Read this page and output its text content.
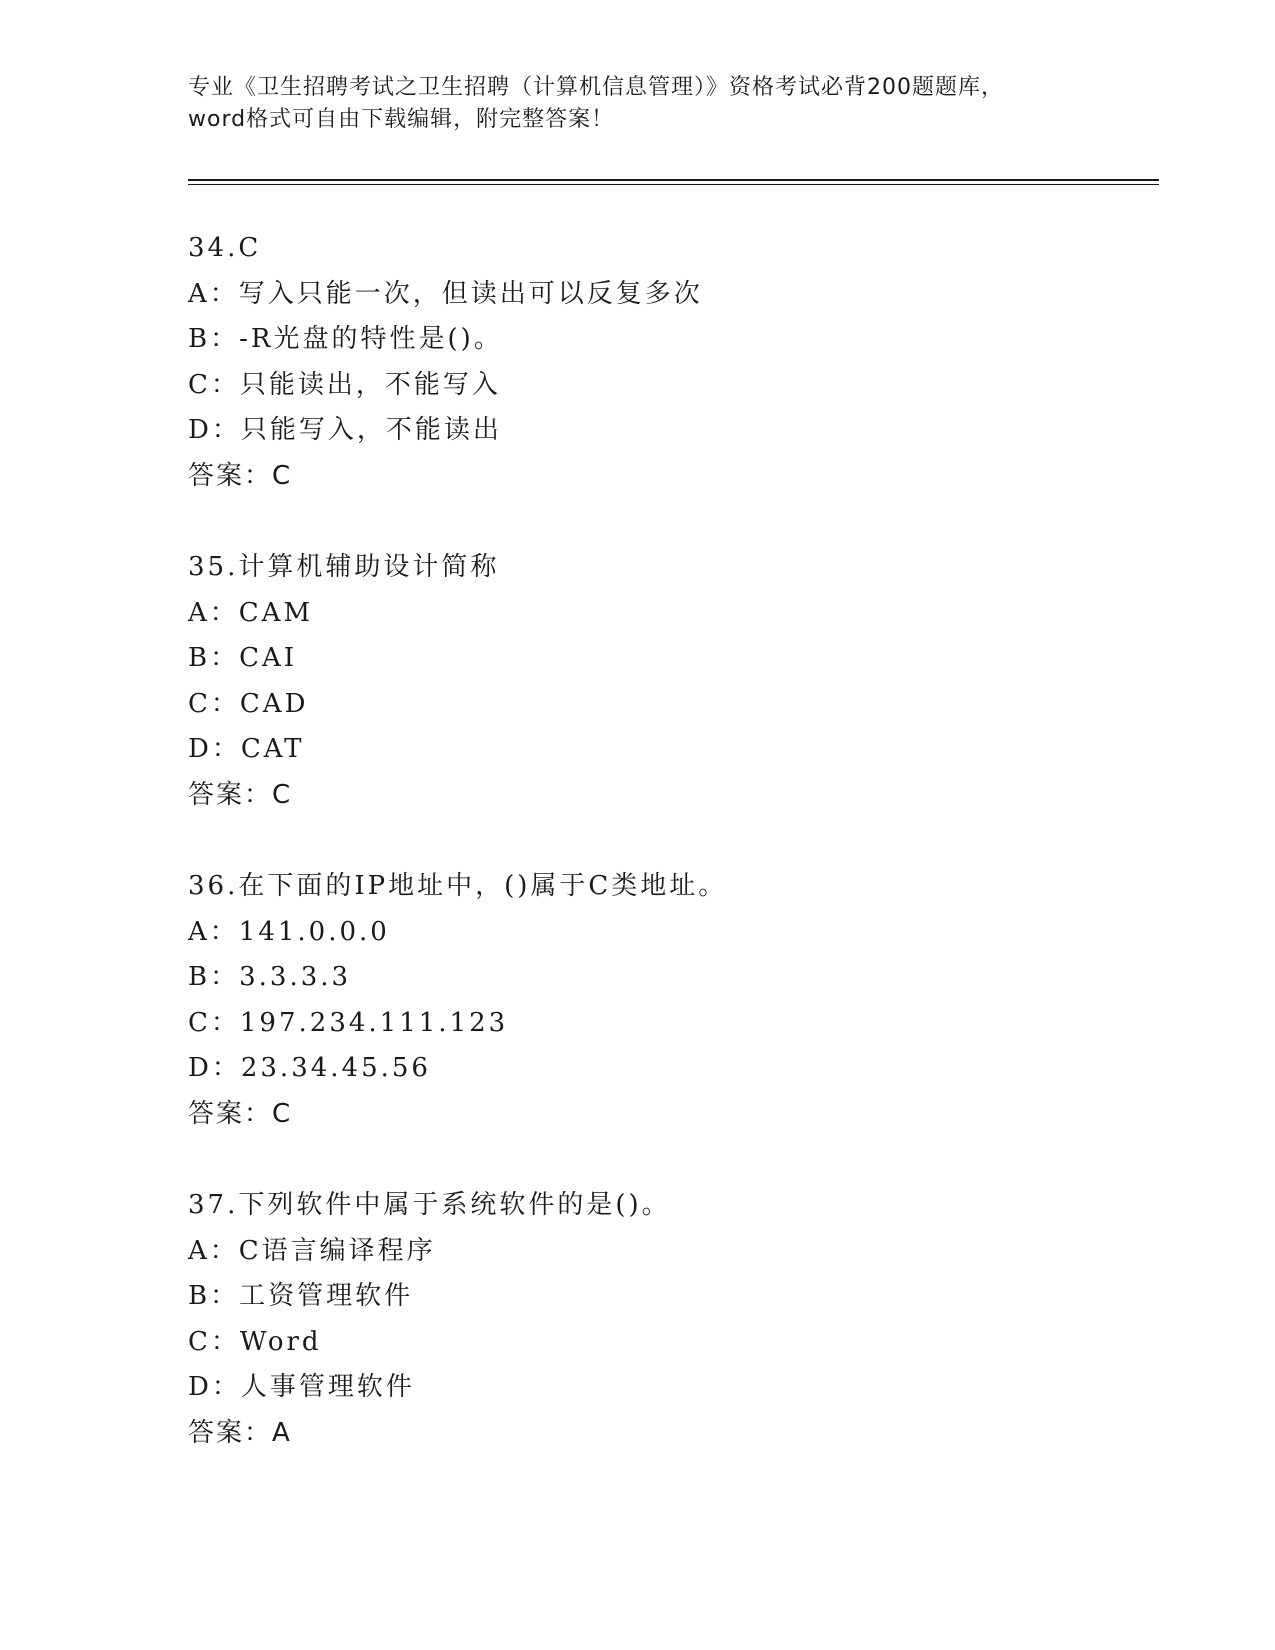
专业《卫生招聘考试之卫生招聘（计算机信息管理）》资格考试必背200题题库，
word格式可自由下载编辑，附完整答案！
34.C
A：写入只能一次，但读出可以反复多次
B：-R光盘的特性是()。
C：只能读出，不能写入
D：只能写入，不能读出
答案：C
35.计算机辅助设计简称
A：CAM
B：CAI
C：CAD
D：CAT
答案：C
36.在下面的IP地址中，()属于C类地址。
A：141.0.0.0
B：3.3.3.3
C：197.234.111.123
D：23.34.45.56
答案：C
37.下列软件中属于系统软件的是()。
A：C语言编译程序
B：工资管理软件
C：Word
D：人事管理软件
答案：A
